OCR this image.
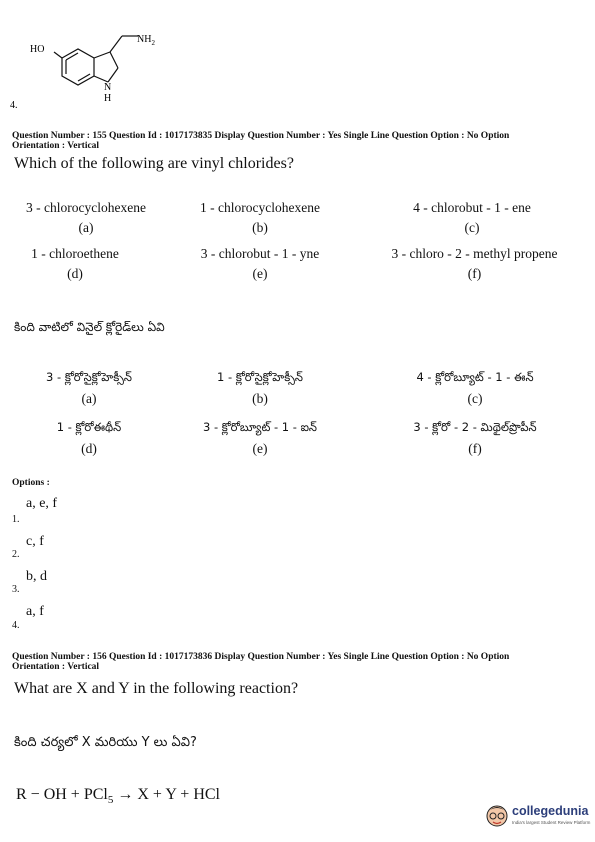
HO
$NH_2$
N
H
4.
Question Number : 155 Question Id : 1017173835 Display Question Number : Yes Single Line Question Option : No Option
Orientation : Vertical
Which of the following are vinyl chlorides?
3 - chlorocyclohexene
(a)
1 - chlorocyclohexene
(b)
4 - chlorobut - 1 - ene
(c)
1 - chloroethene
(d)
3 - chlorobut - 1 - yne
(e)
3 - chloro - 2 - methyl propene
(f)
కింది వాటిలో వినైల్ క్లోరైడ్‌లు ఏవి
3 - క్లోరోసైక్లోహెక్సీన్
(a)
1 - క్లోరోసైక్లోహెక్సీన్
(b)
4 - క్లోరోబ్యూట్ - 1 - ఈన్
(c)
1 - క్లోరోఈథీన్
(d)
3 - క్లోరోబ్యూట్ - 1 - ఐన్
(e)
3 - క్లోరో - 2 - మిథైల్‌ప్రొపీన్
(f)
Options :
a, e, f
1.
c, f
2.
b, d
3.
a, f
4.
Question Number : 156 Question Id : 1017173836 Display Question Number : Yes Single Line Question Option : No Option
Orientation : Vertical
What are X and Y in the following reaction?
కింది చర్యలో X మరియు Y లు ఏవి?
R − OH + PCl$_5$ → X + Y + HCl
collegedunia
India's largest Student Review Platform
